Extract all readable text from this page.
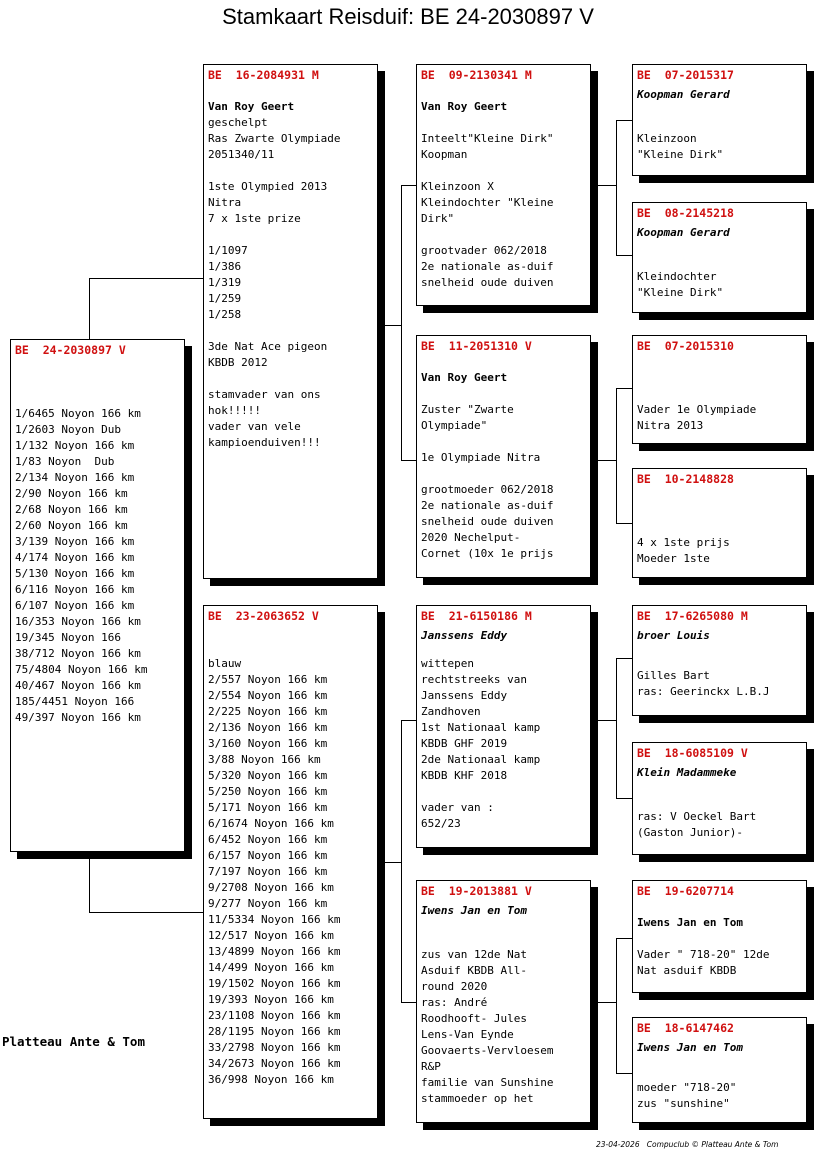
Stamkaart Reisduif: BE 24-2030897 V
BE  24-2030897 V

1/6465 Noyon 166 km
1/2603 Noyon Dub
1/132 Noyon 166 km
1/83 Noyon  Dub
2/134 Noyon 166 km
2/90 Noyon 166 km
2/68 Noyon 166 km
2/60 Noyon 166 km
3/139 Noyon 166 km
4/174 Noyon 166 km
5/130 Noyon 166 km
6/116 Noyon 166 km
6/107 Noyon 166 km
16/353 Noyon 166 km
19/345 Noyon 166
38/712 Noyon 166 km
75/4804 Noyon 166 km
40/467 Noyon 166 km
185/4451 Noyon 166
49/397 Noyon 166 km
BE  16-2084931 M
Van Roy Geert
geschelpt
Ras Zwarte Olympiade
2051340/11

1ste Olympied 2013
Nitra
7 x 1ste prize

1/1097
1/386
1/319
1/259
1/258

3de Nat Ace pigeon
KBDB 2012

stamvader van ons
hok!!!!!
vader van vele
kampioenduiven!!!
BE  23-2063652 V
blauw
2/557 Noyon 166 km
2/554 Noyon 166 km
2/225 Noyon 166 km
2/136 Noyon 166 km
3/160 Noyon 166 km
3/88 Noyon 166 km
5/320 Noyon 166 km
5/250 Noyon 166 km
5/171 Noyon 166 km
6/1674 Noyon 166 km
6/452 Noyon 166 km
6/157 Noyon 166 km
7/197 Noyon 166 km
9/2708 Noyon 166 km
9/277 Noyon 166 km
11/5334 Noyon 166 km
12/517 Noyon 166 km
13/4899 Noyon 166 km
14/499 Noyon 166 km
19/1502 Noyon 166 km
19/393 Noyon 166 km
23/1108 Noyon 166 km
28/1195 Noyon 166 km
33/2798 Noyon 166 km
34/2673 Noyon 166 km
36/998 Noyon 166 km
BE  09-2130341 M
Van Roy Geert
Inteelt"Kleine Dirk"
Koopman

Kleinzoon X
Kleindochter "Kleine
Dirk"

grootvader 062/2018
2e nationale as-duif
snelheid oude duiven
BE  11-2051310 V
Van Roy Geert
Zuster "Zwarte
Olympiade"

1e Olympiade Nitra

grootmoeder 062/2018
2e nationale as-duif
snelheid oude duiven
2020 Nechelput-
Cornet (10x 1e prijs
BE  21-6150186 M
Janssens Eddy
wittepen
rechtstreeks van
Janssens Eddy
Zandhoven
1st Nationaal kamp
KBDB GHF 2019
2de Nationaal kamp
KBDB KHF 2018

vader van :
652/23
BE  19-2013881 V
Iwens Jan en Tom
zus van 12de Nat
Asduif KBDB All-
round 2020
ras: André
Roodhooft- Jules
Lens-Van Eynde
Goovaerts-Vervloesem
R&P
familie van Sunshine
stammoeder op het
BE  07-2015317
Koopman Gerard
Kleinzoon
"Kleine Dirk"
BE  08-2145218
Koopman Gerard
Kleindochter
"Kleine Dirk"
BE  07-2015310
Vader 1e Olympiade
Nitra 2013
BE  10-2148828
4 x 1ste prijs
Moeder 1ste
BE  17-6265080 M
broer Louis
Gilles Bart
ras: Geerinckx L.B.J
BE  18-6085109 V
Klein Madammeke
ras: V Oeckel Bart
(Gaston Junior)-
BE  19-6207714
Iwens Jan en Tom
Vader " 718-20" 12de
Nat asduif KBDB
BE  18-6147462
Iwens Jan en Tom
moeder "718-20"
zus "sunshine"
Platteau Ante & Tom
23-04-2026   Compuclub © Platteau Ante & Tom
